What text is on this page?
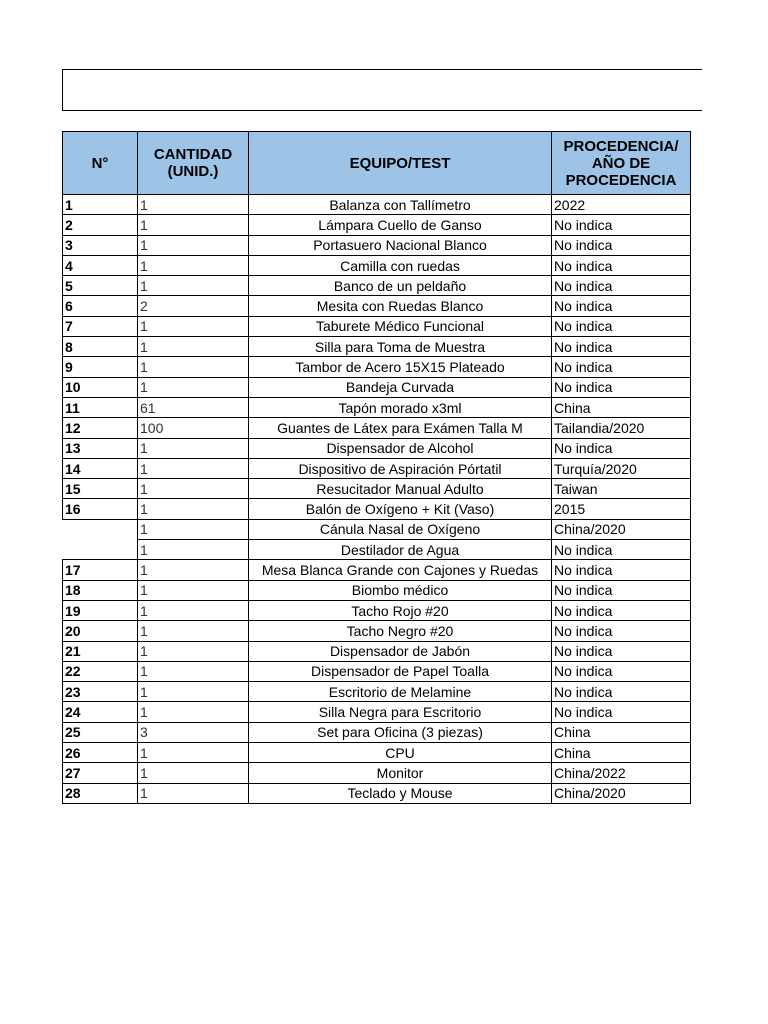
N°	CANTIDAD (UNID.)	EQUIPO/TEST	PROCEDENCIA/ AÑO DE PROCEDENCIA
1	1	Balanza con Tallímetro	2022
2	1	Lámpara Cuello de Ganso	No indica
3	1	Portasuero Nacional Blanco	No indica
4	1	Camilla con ruedas	No indica
5	1	Banco de un peldaño	No indica
6	2	Mesita con Ruedas Blanco	No indica
7	1	Taburete Médico Funcional	No indica
8	1	Silla para Toma de Muestra	No indica
9	1	Tambor de Acero 15X15 Plateado	No indica
10	1	Bandeja Curvada	No indica
11	61	Tapón morado x3ml	China
12	100	Guantes de Látex para Exámen Talla M	Tailandia/2020
13	1	Dispensador de Alcohol	No indica
14	1	Dispositivo de Aspiración Pórtatil	Turquía/2020
15	1	Resucitador Manual Adulto	Taiwan
16	1	Balón de Oxígeno + Kit (Vaso)	2015
	1	Cánula Nasal de Oxígeno	China/2020
	1	Destilador de Agua	No indica
17	1	Mesa Blanca Grande con Cajones y Ruedas	No indica
18	1	Biombo médico	No indica
19	1	Tacho Rojo #20	No indica
20	1	Tacho Negro #20	No indica
21	1	Dispensador de Jabón	No indica
22	1	Dispensador de Papel Toalla	No indica
23	1	Escritorio de Melamine	No indica
24	1	Silla Negra para Escritorio	No indica
25	3	Set para Oficina (3 piezas)	China
26	1	CPU	China
27	1	Monitor	China/2022
28	1	Teclado y Mouse	China/2020
